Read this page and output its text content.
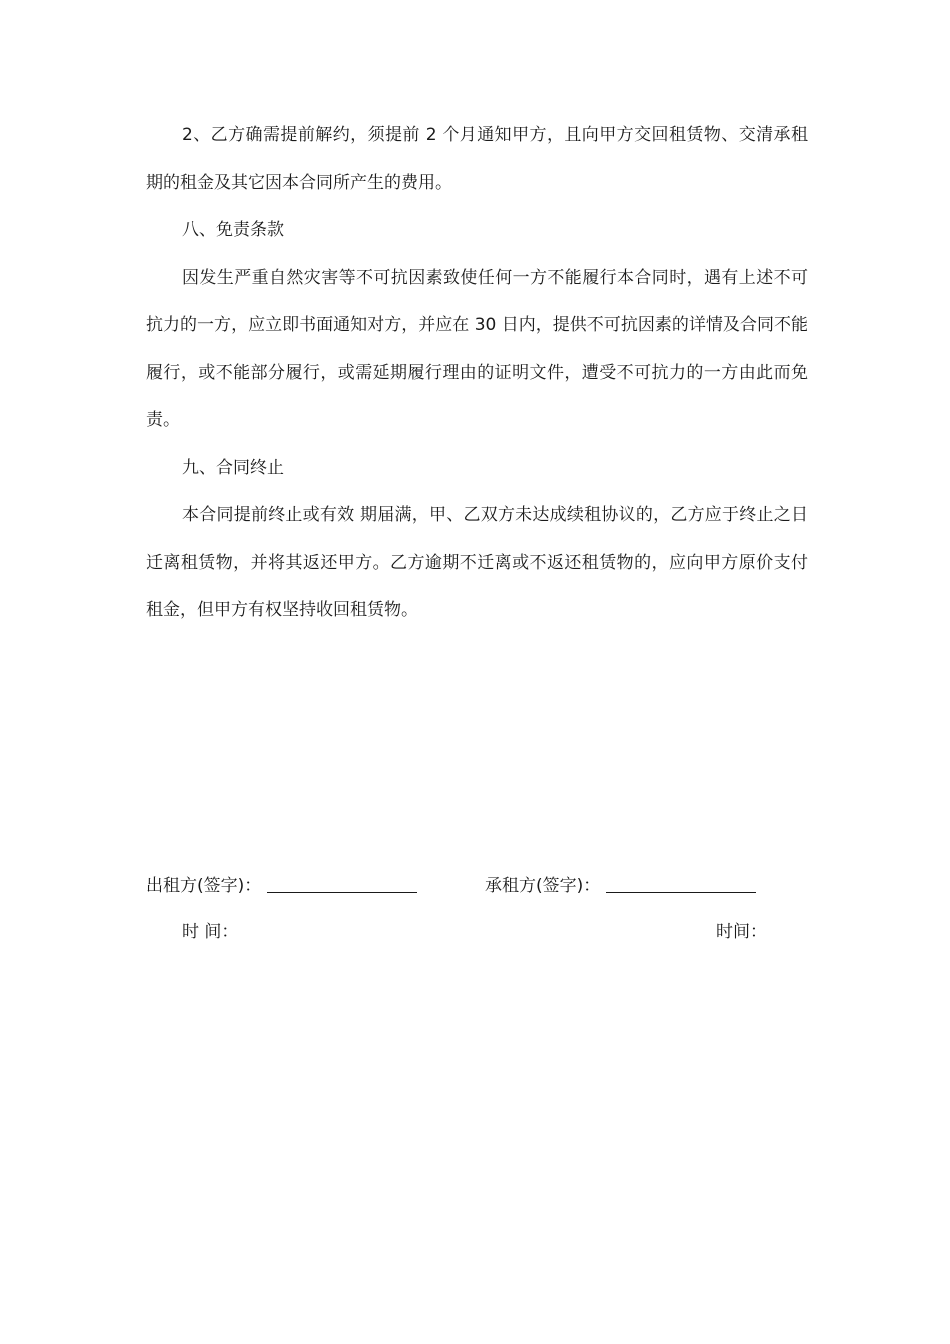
2、乙方确需提前解约，须提前 2 个月通知甲方，且向甲方交回租赁物、交清承租期的租金及其它因本合同所产生的费用。

八、免责条款

因发生严重自然灾害等不可抗因素致使任何一方不能履行本合同时，遇有上述不可抗力的一方，应立即书面通知对方，并应在 30 日内，提供不可抗因素的详情及合同不能履行，或不能部分履行，或需延期履行理由的证明文件，遭受不可抗力的一方由此而免责。

九、合同终止

本合同提前终止或有效 期届满，甲、乙双方未达成续租协议的，乙方应于终止之日迁离租赁物，并将其返还甲方。乙方逾期不迁离或不返还租赁物的，应向甲方原价支付租金，但甲方有权坚持收回租赁物。

出租方(签字)：	承租方(签字)：
时 间：	时间：
